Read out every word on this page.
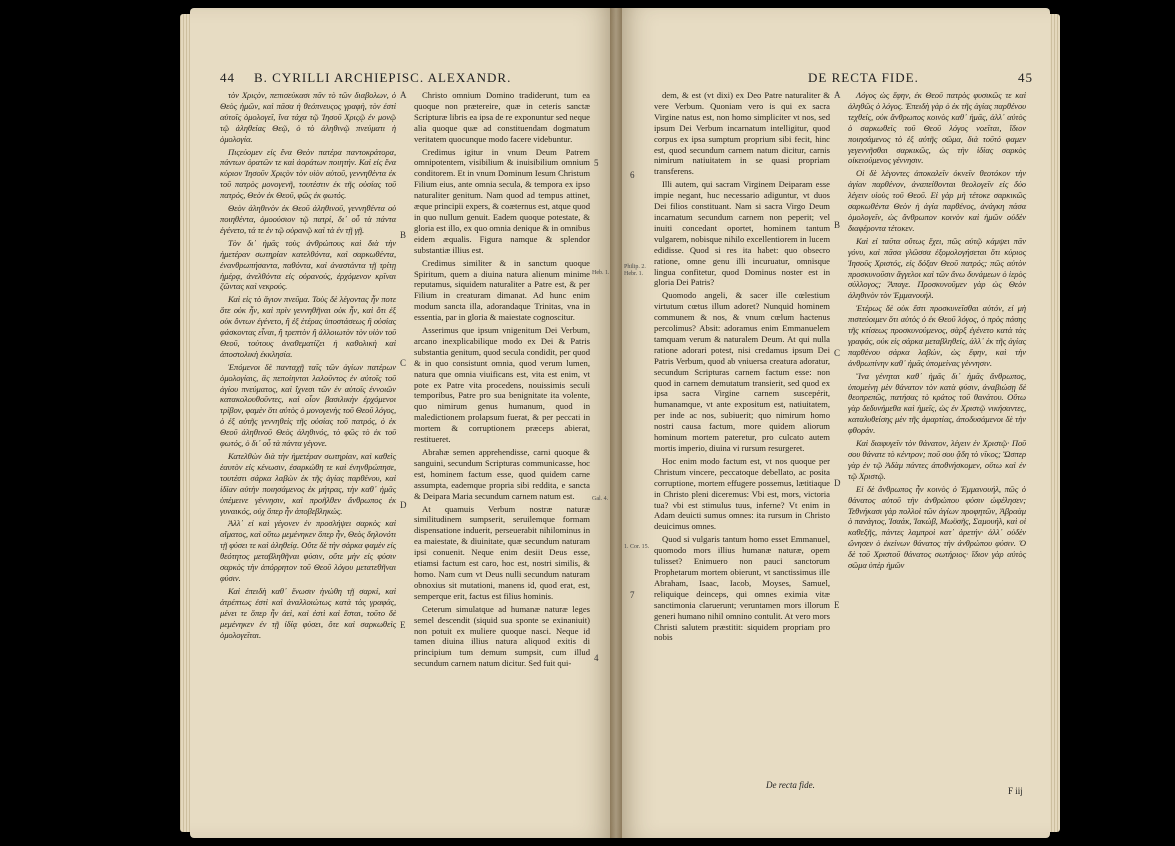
44 B. CYRILLI ARCHIEPISC. ALEXANDR.

τὸν Χριςὸν, πεπισεύκασι πᾶν τὸ τῶν διαβολων, ὁ Θεὸς ἡμῶν, καὶ πᾶσα ἡ θεόπνευςος γραφὴ, τὸν ἐστὶ αὐτοῖς ὁμολογεῖ, ἵνα τάχα τῷ Ἰησοῦ Χριςῷ ἐν μονῷ τῷ ἀληθείας Θεῷ, ὁ τὸ ἀληθινῷ πνεύματι ἡ ὁμολογία.

Πιςεύομεν εἰς ἕνα Θεὸν πατέρα παντοκράτορα, πάντων ὁρατῶν τε καὶ ἀοράτων ποιητήν. Καὶ εἰς ἕνα κύριον Ἰησοῦν Χριςὸν τὸν υἱὸν αὐτοῦ, γεννηθέντα ἐκ τοῦ πατρὸς μονογενῆ, τουτέστιν ἐκ τῆς οὐσίας τοῦ πατρός, Θεὸν ἐκ Θεοῦ, φῶς ἐκ φωτός.

Θεὸν ἀληθινὸν ἐκ Θεοῦ ἀληθινοῦ, γεννηθέντα οὐ ποιηθέντα, ὁμοούσιον τῷ πατρί, δι᾽ οὗ τὰ πάντα ἐγένετο, τά τε ἐν τῷ οὐρανῷ καὶ τὰ ἐν τῇ γῇ.

Τὸν δι᾽ ἡμᾶς τοὺς ἀνθρώπους καὶ διὰ τὴν ἡμετέραν σωτηρίαν κατελθόντα, καὶ σαρκωθέντα, ἐνανθρωπήσαντα, παθόντα, καὶ ἀναστάντα τῇ τρίτῃ ἡμέρᾳ, ἀνελθόντα εἰς οὐρανούς, ἐρχόμενον κρῖναι ζῶντας καὶ νεκρούς.

Καὶ εἰς τὸ ἅγιον πνεῦμα. Τοὺς δὲ λέγοντας ἦν ποτε ὅτε οὐκ ἦν, καὶ πρὶν γεννηθῆναι οὐκ ἦν, καὶ ὅτι ἐξ οὐκ ὄντων ἐγένετο, ἢ ἐξ ἑτέρας ὑποστάσεως ἢ οὐσίας φάσκοντας εἶναι, ἢ τρεπτὸν ἢ ἀλλοιωτὸν τὸν υἱὸν τοῦ Θεοῦ, τούτους ἀναθεματίζει ἡ καθολικὴ καὶ ἀποστολικὴ ἐκκλησία.

Ἑπόμενοι δὲ πανταχῇ ταῖς τῶν ἁγίων πατέρων ὁμολογίαις, ἃς πεποίηνται λαλοῦντος ἐν αὐτοῖς τοῦ ἁγίου πνεύματος, καὶ ἴχνεσι τῶν ἐν αὐτοῖς ἐννοιῶν κατακολουθοῦντες, καὶ οἷον βασιλικὴν ἐρχόμενοι τρίβον, φαμὲν ὅτι αὐτὸς ὁ μονογενὴς τοῦ Θεοῦ λόγος, ὁ ἐξ αὐτῆς γεννηθεὶς τῆς οὐσίας τοῦ πατρός, ὁ ἐκ Θεοῦ ἀληθινοῦ Θεὸς ἀληθινός, τὸ φῶς τὸ ἐκ τοῦ φωτός, ὁ δι᾽ οὗ τὰ πάντα γέγονε.

Κατελθὼν διὰ τὴν ἡμετέραν σωτηρίαν, καὶ καθεὶς ἑαυτὸν εἰς κένωσιν, ἐσαρκώθη τε καὶ ἐνηνθρώπησε, τουτέστι σάρκα λαβὼν ἐκ τῆς ἁγίας παρθένου, καὶ ἰδίαν αὐτὴν ποιησάμενος ἐκ μήτρας, τὴν καθ᾽ ἡμᾶς ὑπέμεινε γέννησιν, καὶ προῆλθεν ἄνθρωπος ἐκ γυναικός, οὐχ ὅπερ ἦν ἀποβεβληκώς.

Ἀλλ᾽ εἰ καὶ γέγονεν ἐν προσλήψει σαρκὸς καὶ αἵματος, καὶ οὕτω μεμένηκεν ὅπερ ἦν, Θεὸς δηλονότι τῇ φύσει τε καὶ ἀληθείᾳ. Οὔτε δὲ τὴν σάρκα φαμὲν εἰς θεότητος μεταβληθῆναι φύσιν, οὔτε μὴν εἰς φύσιν σαρκὸς τὴν ἀπόρρητον τοῦ Θεοῦ λόγου μετατεθῆναι φύσιν.

Καὶ ἐπειδὴ καθ᾽ ἕνωσιν ἡνώθη τῇ σαρκί, καὶ ἀτρέπτως ἐστὶ καὶ ἀναλλοιώτως κατὰ τὰς γραφάς, μένει τε ὅπερ ἦν ἀεὶ, καὶ ἐστὶ καὶ ἔσται, τοῦτο δὲ μεμένηκεν ἐν τῇ ἰδίᾳ φύσει, ὅτε καὶ σαρκωθεὶς ὁμολογεῖται.

A
B
C
D
E

Christo omnium Domino tradiderunt, tum ea quoque non prætereire, quæ in ceteris sanctæ Scripturæ libris ea ipsa de re exponuntur sed neque alia quoque quæ ad constituendam dogmatum veritatem quocunque modo facere videbuntur.

Credimus igitur in vnum Deum Patrem omnipotentem, visibilium & inuisibilium omnium conditorem. Et in vnum Dominum Iesum Christum Filium eius, ante omnia secula, & tempora ex ipso naturaliter genitum. Nam quod ad tempus attinet, æque principii expers, & coæternus est, atque quod in quo nullum genuit. Eadem quoque potestate, & gloria est illo, ex quo omnia denique & in omnibus eidem æqualis. Figura namque & splendor substantiæ illius est.

Credimus similiter & in sanctum quoque Spiritum, quem a diuina natura alienum minime reputamus, siquidem naturaliter a Patre est, & per Filium in creaturam dimanat. Ad hunc enim modum sancta illa, adorandaque Trinitas, vna in essentia, par in gloria & maiestate cognoscitur.

Asserimus que ipsum vnigenitum Dei Verbum, arcano inexplicabilique modo ex Dei & Patris substantia genitum, quod secula condidit, per quod & in quo consistunt omnia, quod verum lumen, natura que omnia viuificans est, vita est enim, vt pote ex Patre vita procedens, nouissimis seculi temporibus, Patre pro sua benignitate ita volente, quo nimirum genus humanum, quod in maledictionem prolapsum fuerat, & per peccati in mortem & corruptionem præceps abierat, restitueret.

Abrahæ semen apprehendisse, carni quoque & sanguini, secundum Scripturas communicasse, hoc est, hominem factum esse, quod quidem carne assumpta, eademque propria sibi reddita, e sancta & Deipara Maria secundum carnem natum est.

At quamuis Verbum nostræ naturæ similitudinem sumpserit, seruilemque formam dispensatione induerit, perseuerabit nihilominus in ea maiestate, & diuinitate, quæ secundum naturam ipsi conuenit. Neque enim desiit Deus esse, etiamsi factum est caro, hoc est, nostri similis, & homo. Nam cum vt Deus nulli secundum naturam obnoxius sit mutationi, manens id, quod erat, est, semperque erit, factus est filius hominis.

Ceterum simulatque ad humanæ naturæ leges semel descendit (siquid sua sponte se exinaniuit) non potuit ex muliere quoque nasci. Neque id tamen diuina illius natura aliquod exitis di principium tum demum sumpsit, cum illud secundum carnem natum dicitur. Sed fuit qui-

5
4
Heb. 1.
Gal. 4.
DE RECTA FIDE.	45
Philip. 2. Hebr. 1.
1. Cor. 15.
6
7

dem, & est (vt dixi) ex Deo Patre naturaliter & vere Verbum. Quoniam vero is qui ex sacra Virgine natus est, non homo simpliciter vt nos, sed ipsum Dei Verbum incarnatum intelligitur, quod corpus ex ipsa sumptum proprium sibi fecit, hinc est, quod secundum carnem natum dicitur, carnis nimirum natiuitatem in se quasi propriam transferens.

Illi autem, qui sacram Virginem Deiparam esse impie negant, huc necessario adiguntur, vt duos Dei filios constituant. Nam si sacra Virgo Deum incarnatum secundum carnem non peperit; vel inuiti concedant oportet, hominem tantum vulgarem, nobisque nihilo excellentiorem in lucem edidisse. Quod si res ita habet: quo obsecro ratione, omne genu illi incuruatur, omnisque lingua confitetur, quod Dominus noster est in gloria Dei Patris?

Quomodo angeli, & sacer ille cœlestium virtutum cœtus illum adoret? Nunquid hominem communem & nos, & vnum cœlum hactenus percolimus? Absit: adoramus enim Emmanuelem tamquam verum & naturalem Deum. At qui nulla ratione adorari potest, nisi credamus ipsum Dei Patris Verbum, quod ab vniuersa creatura adoratur, secundum Scripturas carnem factum esse: non quod in carnem demutatum transierit, sed quod ex ipsa sacra Virgine carnem suscepérit, humanamque, vt ante expositum est, natiuitatem, per inde ac nos, subiuerit; quo nimirum homo nostri causa factum, more quidem aliorum hominum mortem pateretur, pro culcato autem mortis imperio, diuina vi rursum resurgeret.

Hoc enim modo factum est, vt nos quoque per Christum vincere, peccatoque debellato, ac posita corruptione, mortem effugere possemus, lætitiaque in Christo pleni diceremus: Vbi est, mors, victoria tua? vbi est stimulus tuus, inferne? Vt enim in Adam deuicti sumus omnes: ita rursum in Christo deuicimus omnes.

Quod si vulgaris tantum homo esset Emmanuel, quomodo mors illius humanæ naturæ, opem tulisset? Enimuero non pauci sanctorum Prophetarum mortem obierunt, vt sanctissimus ille Abraham, Isaac, Iacob, Moyses, Samuel, reliquique deinceps, qui omnes eximia vitæ sanctimonia claruerunt; veruntamen mors illorum generi humano nihil omnino contulit. At vero mors Christi salutem præstitit: siquidem propriam pro nobis

A
B
C
D
E

Λόγος ὡς ἔφην, ἐκ Θεοῦ πατρὸς φυσικῶς τε καὶ ἀληθῶς ὁ λόγος. Ἐπειδὴ γὰρ ὁ ἐκ τῆς ἁγίας παρθένου τεχθείς, οὐκ ἄνθρωπος κοινὸς καθ᾽ ἡμᾶς, ἀλλ᾽ αὐτὸς ὁ σαρκωθεὶς τοῦ Θεοῦ λόγος νοεῖται, ἴδιον ποιησάμενος τὸ ἐξ αὐτῆς σῶμα, διὰ τοῦτό φαμεν γεγεννῆσθαι σαρκικῶς, ὡς τὴν ἰδίας σαρκὸς οἰκειούμενος γέννησιν.

Οἱ δὲ λέγοντες ἀποκαλεῖν ὀκνεῖν θεοτόκον τὴν ἁγίαν παρθένον, ἀναπείθονται θεολογεῖν εἰς δύο λέγειν υἱοὺς τοῦ Θεοῦ. Εἰ γὰρ μὴ τέτοκε σαρκικῶς σαρκωθέντα Θεὸν ἡ ἁγία παρθένος, ἀνάγκη πάσα ὁμολογεῖν, ὡς ἄνθρωπον κοινὸν καὶ ἡμῶν οὐδὲν διαφέροντα τέτοκεν.

Καὶ εἰ ταῦτα οὕτως ἔχει, πῶς αὐτῷ κάμψει πᾶν γόνυ, καὶ πᾶσα γλῶσσα ἐξομολογήσεται ὅτι κύριος Ἰησοῦς Χριστός, εἰς δόξαν Θεοῦ πατρός; πῶς αὐτὸν προσκυνοῦσιν ἄγγελοι καὶ τῶν ἄνω δυνάμεων ὁ ἱερὸς σύλλογος; Ἄπαγε. Προσκυνοῦμεν γὰρ ὡς Θεὸν ἀληθινὸν τὸν Ἐμμανουήλ.

Ἑτέρως δὲ οὐκ ἔστι προσκυνεῖσθαι αὐτόν, εἰ μὴ πιστεύοιμεν ὅτι αὐτὸς ὁ ἐκ Θεοῦ λόγος, ὁ πρὸς πάσης τῆς κτίσεως προσκυνούμενος, σὰρξ ἐγένετο κατὰ τὰς γραφάς, οὐκ εἰς σάρκα μεταβληθείς, ἀλλ᾽ ἐκ τῆς ἁγίας παρθένου σάρκα λαβών, ὡς ἔφην, καὶ τὴν ἀνθρωπίνην καθ᾽ ἡμᾶς ὑπομείνας γέννησιν.

Ἵνα γένηται καθ᾽ ἡμᾶς δι᾽ ἡμᾶς ἄνθρωπος, ὑπομείνῃ μὲν θάνατον τὸν κατὰ φύσιν, ἀναβιώσῃ δὲ θεοπρεπῶς, πατήσας τὸ κράτος τοῦ θανάτου. Οὕτω γὰρ δεδυνήμεθα καὶ ἡμεῖς, ὡς ἐν Χριστῷ νικήσαντες, καταλυθείσης μὲν τῆς ἁμαρτίας, ἀποδυσάμενοι δὲ τὴν φθοράν.

Καὶ διαφυγεῖν τὸν θάνατον, λέγειν ἐν Χριστῷ· Ποῦ σου θάνατε τὸ κέντρον; ποῦ σου ᾅδη τὸ νῖκος; Ὥσπερ γὰρ ἐν τῷ Ἀδὰμ πάντες ἀποθνήσκομεν, οὕτω καὶ ἐν τῷ Χριστῷ.

Εἰ δὲ ἄνθρωπος ἦν κοινὸς ὁ Ἐμμανουήλ, πῶς ὁ θάνατος αὐτοῦ τὴν ἀνθρώπου φύσιν ὠφέλησεν; Τεθνήκασι γὰρ πολλοὶ τῶν ἁγίων προφητῶν, Ἀβραὰμ ὁ πανάγιος, Ἰσαάκ, Ἰακώβ, Μωϋσῆς, Σαμουήλ, καὶ οἱ καθεξῆς, πάντες λαμπροὶ κατ᾽ ἀρετήν· ἀλλ᾽ οὐδὲν ὤνησεν ὁ ἐκείνων θάνατος τὴν ἀνθρώπου φύσιν. Ὁ δὲ τοῦ Χριστοῦ θάνατος σωτήριος· ἴδιον γὰρ αὐτὸς σῶμα ὑπὲρ ἡμῶν

De recta fide.
F iij
